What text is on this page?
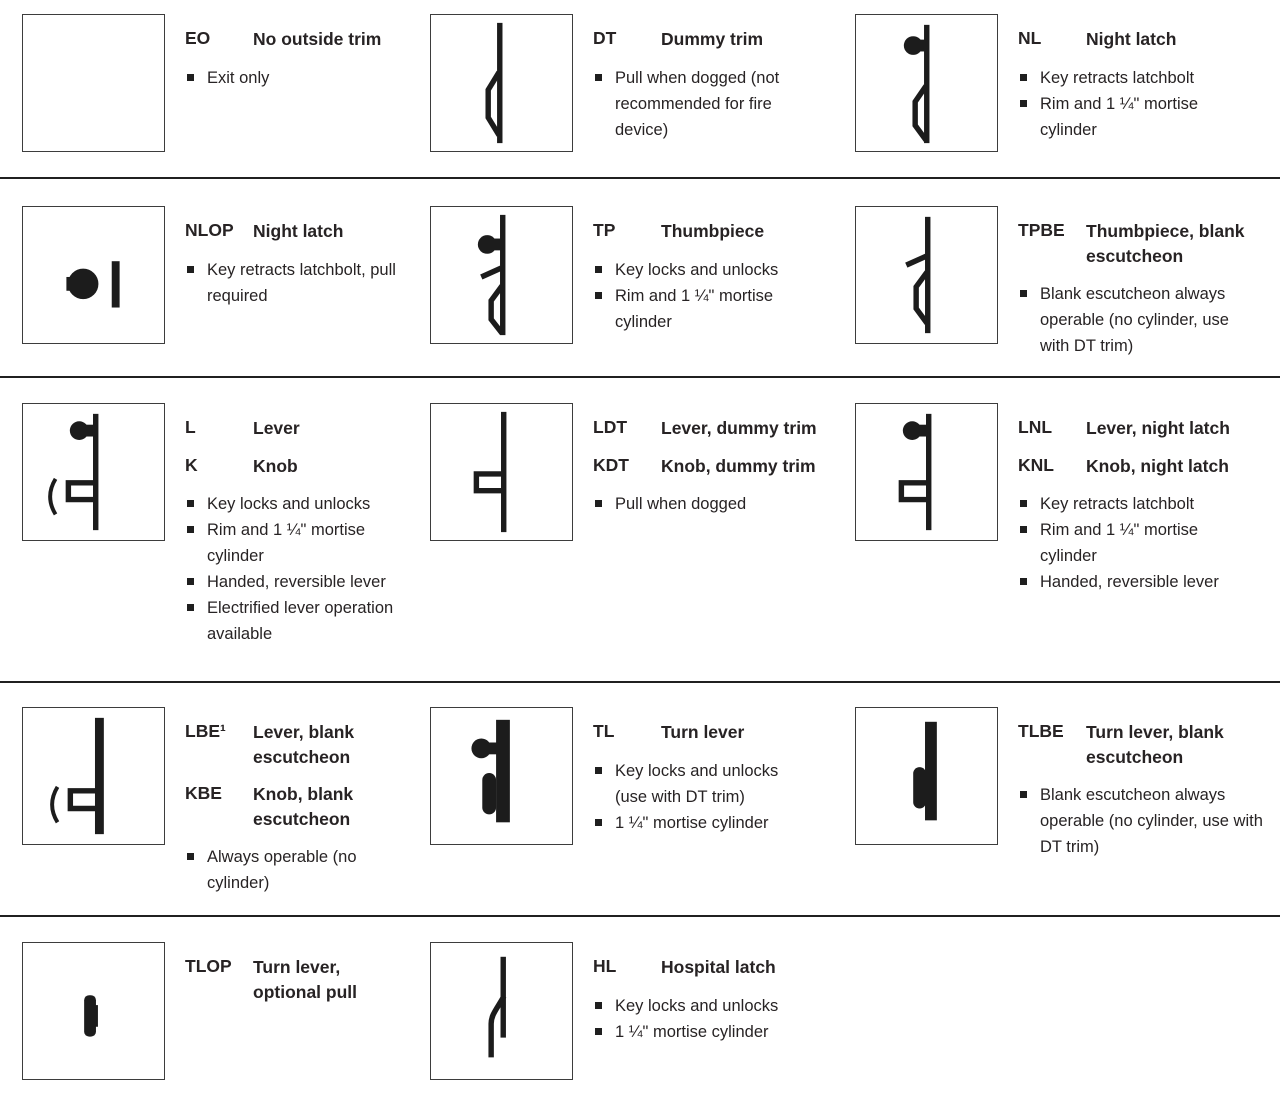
EO	No outside trim
Exit only
DT	Dummy trim
Pull when dogged (not recommended for fire device)
NL	Night latch
Key retracts latchbolt
Rim and 1 ¼" mortise cylinder
NLOP	Night latch
Key retracts latchbolt, pull required
TP	Thumbpiece
Key locks and unlocks
Rim and 1 ¼" mortise cylinder
TPBE	Thumbpiece, blank escutcheon
Blank escutcheon always operable (no cylinder, use with DT trim)
L	Lever
K	Knob
Key locks and unlocks
Rim and 1 ¼" mortise cylinder
Handed, reversible lever
Electrified lever operation available
LDT	Lever, dummy trim
KDT	Knob, dummy trim
Pull when dogged
LNL	Lever, night latch
KNL	Knob, night latch
Key retracts latchbolt
Rim and 1 ¼" mortise cylinder
Handed, reversible lever
LBE¹	Lever, blank escutcheon
KBE	Knob, blank escutcheon
Always operable (no cylinder)
TL	Turn lever
Key locks and unlocks (use with DT trim)
1 ¼" mortise cylinder
TLBE	Turn lever, blank escutcheon
Blank escutcheon always operable (no cylinder, use with DT trim)
TLOP	Turn lever, optional pull
HL	Hospital latch
Key locks and unlocks
1 ¼" mortise cylinder
